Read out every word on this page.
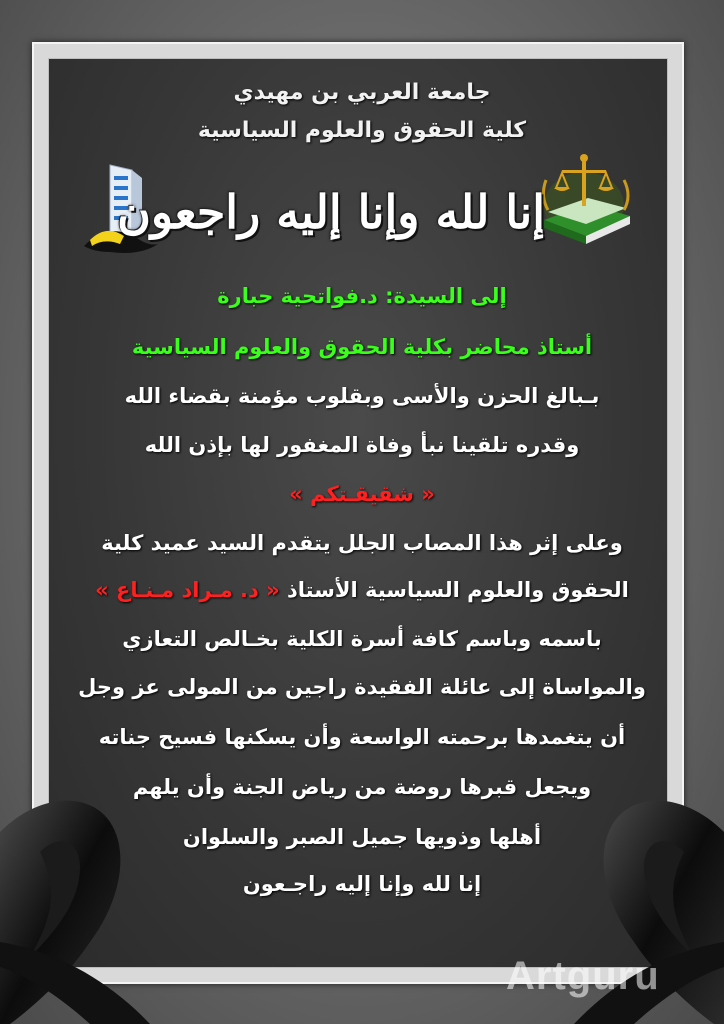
جامعة العربي بن مهيدي
كلية الحقوق والعلوم السياسية
إنا لله وإنا إليه راجعون
إلى السيدة: د.فواتحية حبارة
أستاذ محاضر بكلية الحقوق والعلوم السياسية
بـبالغ الحزن والأسى وبقلوب مؤمنة بقضاء الله
وقدره تلقينا نبأ وفاة المغفور لها بإذن الله
« شقيقـتكم »
وعلى إثر هذا المصاب الجلل يتقدم السيد عميد كلية
الحقوق والعلوم السياسية الأستاذ « د. مـراد مـنـاع »
باسمه وباسم كافة أسرة الكلية بخـالص التعازي
والمواساة إلى عائلة الفقيدة راجين من المولى عز وجل
أن يتغمدها برحمته الواسعة وأن يسكنها فسيح جناته
ويجعل قبرها روضة من رياض الجنة وأن يلهم
أهلها وذويها جميل الصبر والسلوان
إنا لله وإنا إليه راجـعون
Artguru
